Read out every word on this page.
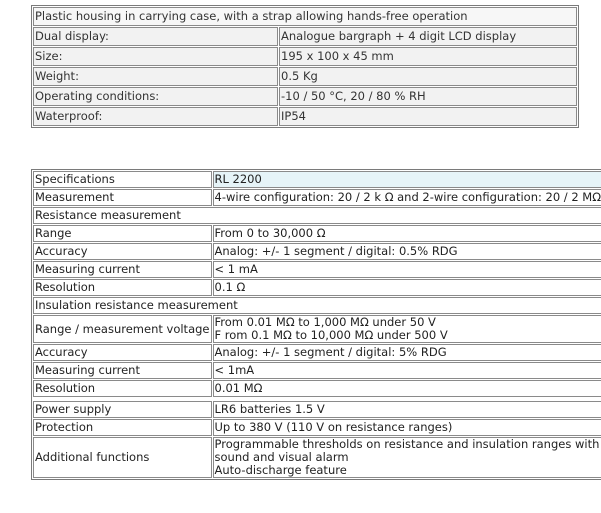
Plastic housing in carrying case, with a strap allowing hands-free operation	
Dual display:	Analogue bargraph + 4 digit LCD display
Size:	195 x 100 x 45 mm
Weight:	0.5 Kg
Operating conditions:	-10 / 50 °C, 20 / 80 % RH
Waterproof:	IP54
Specifications	RL 2200
Measurement	4-wire configuration: 20 / 2 k Ω and 2-wire configuration: 20 / 2 MΩ
Resistance measurement	
Range	From 0 to 30,000 Ω
Accuracy	Analog: +/- 1 segment / digital: 0.5% RDG
Measuring current	< 1 mA
Resolution	0.1 Ω
Insulation resistance measurement	
Range / measurement voltage	From 0.01 MΩ to 1,000 MΩ under 50 V
F rom 0.1 MΩ to 10,000 MΩ under 500 V

Accuracy	Analog: +/- 1 segment / digital: 5% RDG
Measuring current	< 1mA
Resolution	0.01 MΩ

Power supply	LR6 batteries 1.5 V
Protection	Up to 380 V (110 V on resistance ranges)
Additional functions	Programmable thresholds on resistance and insulation ranges with
sound and visual alarm
Auto-discharge feature
